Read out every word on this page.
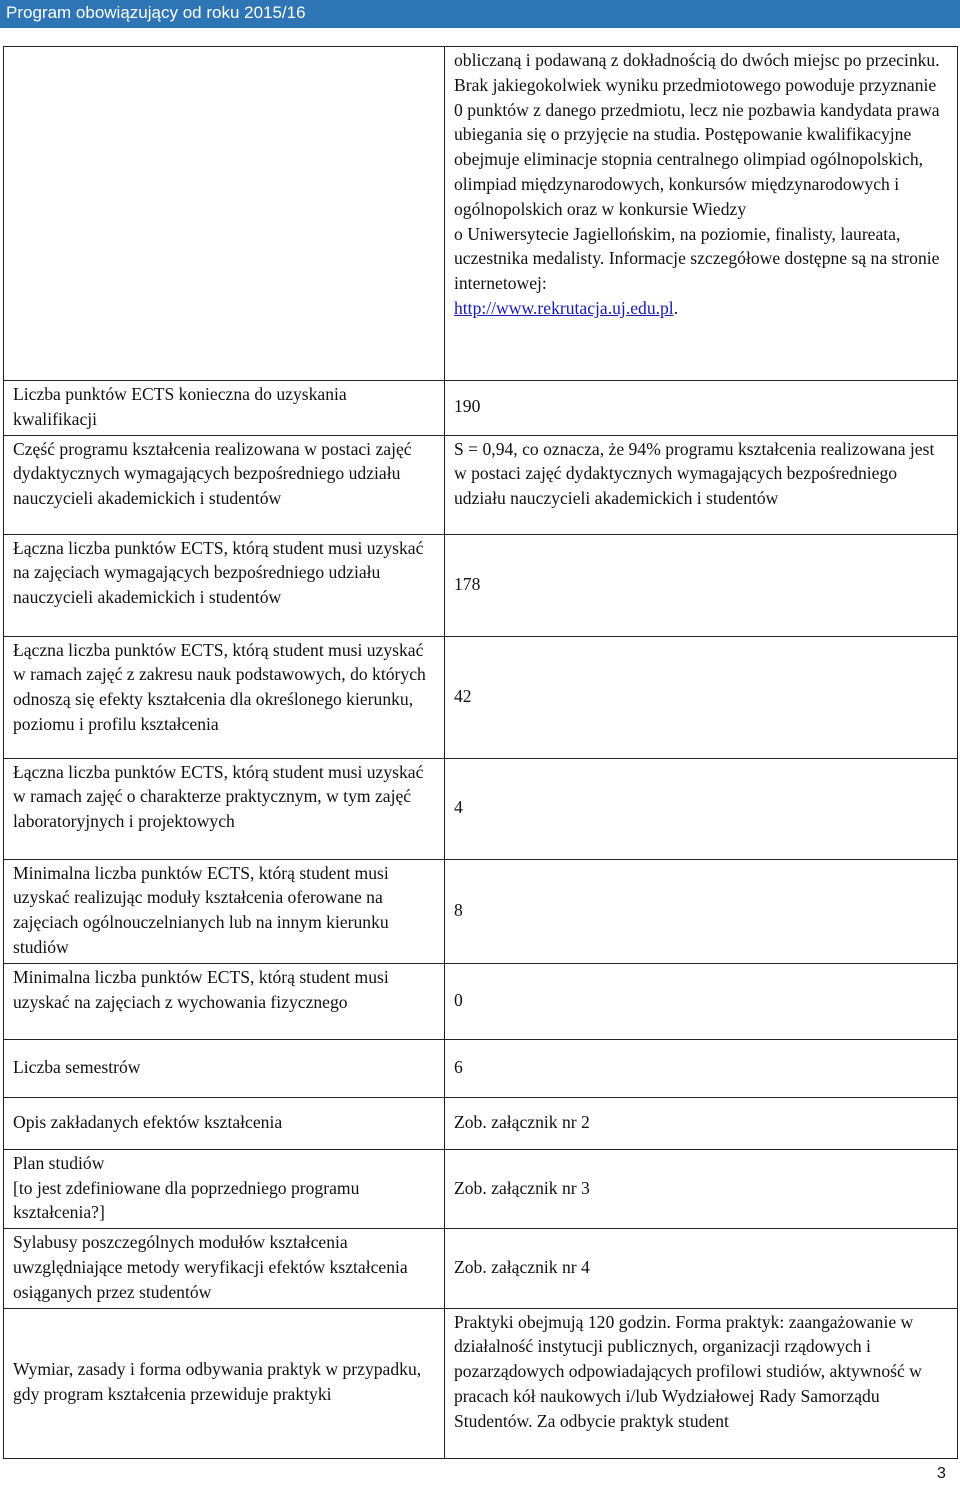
Program obowiązujący od roku 2015/16
	obliczaną i podawaną z dokładnością do dwóch miejsc po przecinku.
Brak jakiegokolwiek wyniku przedmiotowego powoduje przyznanie 0 punktów z danego przedmiotu, lecz nie pozbawia kandydata prawa ubiegania się o przyjęcie na studia. Postępowanie kwalifikacyjne obejmuje eliminacje stopnia centralnego olimpiad ogólnopolskich, olimpiad międzynarodowych, konkursów międzynarodowych i ogólnopolskich oraz w konkursie Wiedzy
o Uniwersytecie Jagiellońskim, na poziomie, finalisty, laureata, uczestnika medalisty. Informacje szczegółowe dostępne są na stronie internetowej:
http://www.rekrutacja.uj.edu.pl.
Liczba punktów ECTS konieczna do uzyskania kwalifikacji	190
Część programu kształcenia realizowana w postaci zajęć dydaktycznych wymagających bezpośredniego udziału nauczycieli akademickich i studentów	S = 0,94, co oznacza, że 94% programu kształcenia realizowana jest w postaci zajęć dydaktycznych wymagających bezpośredniego udziału nauczycieli akademickich i studentów
Łączna liczba punktów ECTS, którą student musi uzyskać na zajęciach wymagających bezpośredniego udziału nauczycieli akademickich i studentów	178
Łączna liczba punktów ECTS, którą student musi uzyskać w ramach zajęć z zakresu nauk podstawowych, do których odnoszą się efekty kształcenia dla określonego kierunku, poziomu i profilu kształcenia	42
Łączna liczba punktów ECTS, którą student musi uzyskać w ramach zajęć o charakterze praktycznym, w tym zajęć laboratoryjnych i projektowych	4
Minimalna liczba punktów ECTS, którą student musi uzyskać realizując moduły kształcenia oferowane na zajęciach ogólnouczelnianych lub na innym kierunku studiów	8
Minimalna liczba punktów ECTS, którą student musi uzyskać na zajęciach z wychowania fizycznego	0
Liczba semestrów	6
Opis zakładanych efektów kształcenia	Zob. załącznik nr 2
Plan studiów
[to jest zdefiniowane dla poprzedniego programu kształcenia?]	Zob. załącznik nr 3
Sylabusy poszczególnych modułów kształcenia uwzględniające metody weryfikacji efektów kształcenia osiąganych przez studentów	Zob. załącznik nr 4
Wymiar, zasady i forma odbywania praktyk w przypadku, gdy program kształcenia przewiduje praktyki	Praktyki obejmują 120 godzin. Forma praktyk: zaangażowanie w działalność instytucji publicznych, organizacji rządowych i pozarządowych odpowiadających profilowi studiów, aktywność w pracach kół naukowych i/lub Wydziałowej Rady Samorządu Studentów. Za odbycie praktyk student
3
